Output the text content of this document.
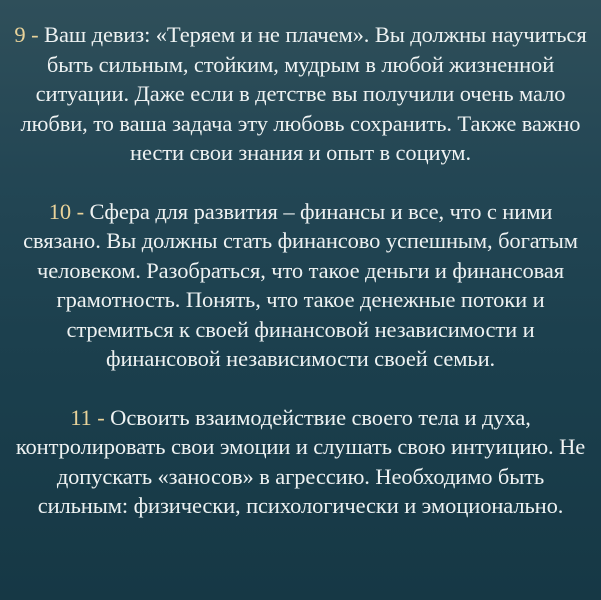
9 - Ваш девиз: «Теряем и не плачем». Вы должны научиться быть сильным, стойким, мудрым в любой жизненной ситуации. Даже если в детстве вы получили очень мало любви, то ваша задача эту любовь сохранить. Также важно нести свои знания и опыт в социум.

10 - Сфера для развития – финансы и все, что с ними связано. Вы должны стать финансово успешным, богатым человеком. Разобраться, что такое деньги и финансовая грамотность. Понять, что такое денежные потоки и стремиться к своей финансовой независимости и финансовой независимости своей семьи.

11 - Освоить взаимодействие своего тела и духа, контролировать свои эмоции и слушать свою интуицию. Не допускать «заносов» в агрессию. Необходимо быть сильным: физически, психологически и эмоционально.
